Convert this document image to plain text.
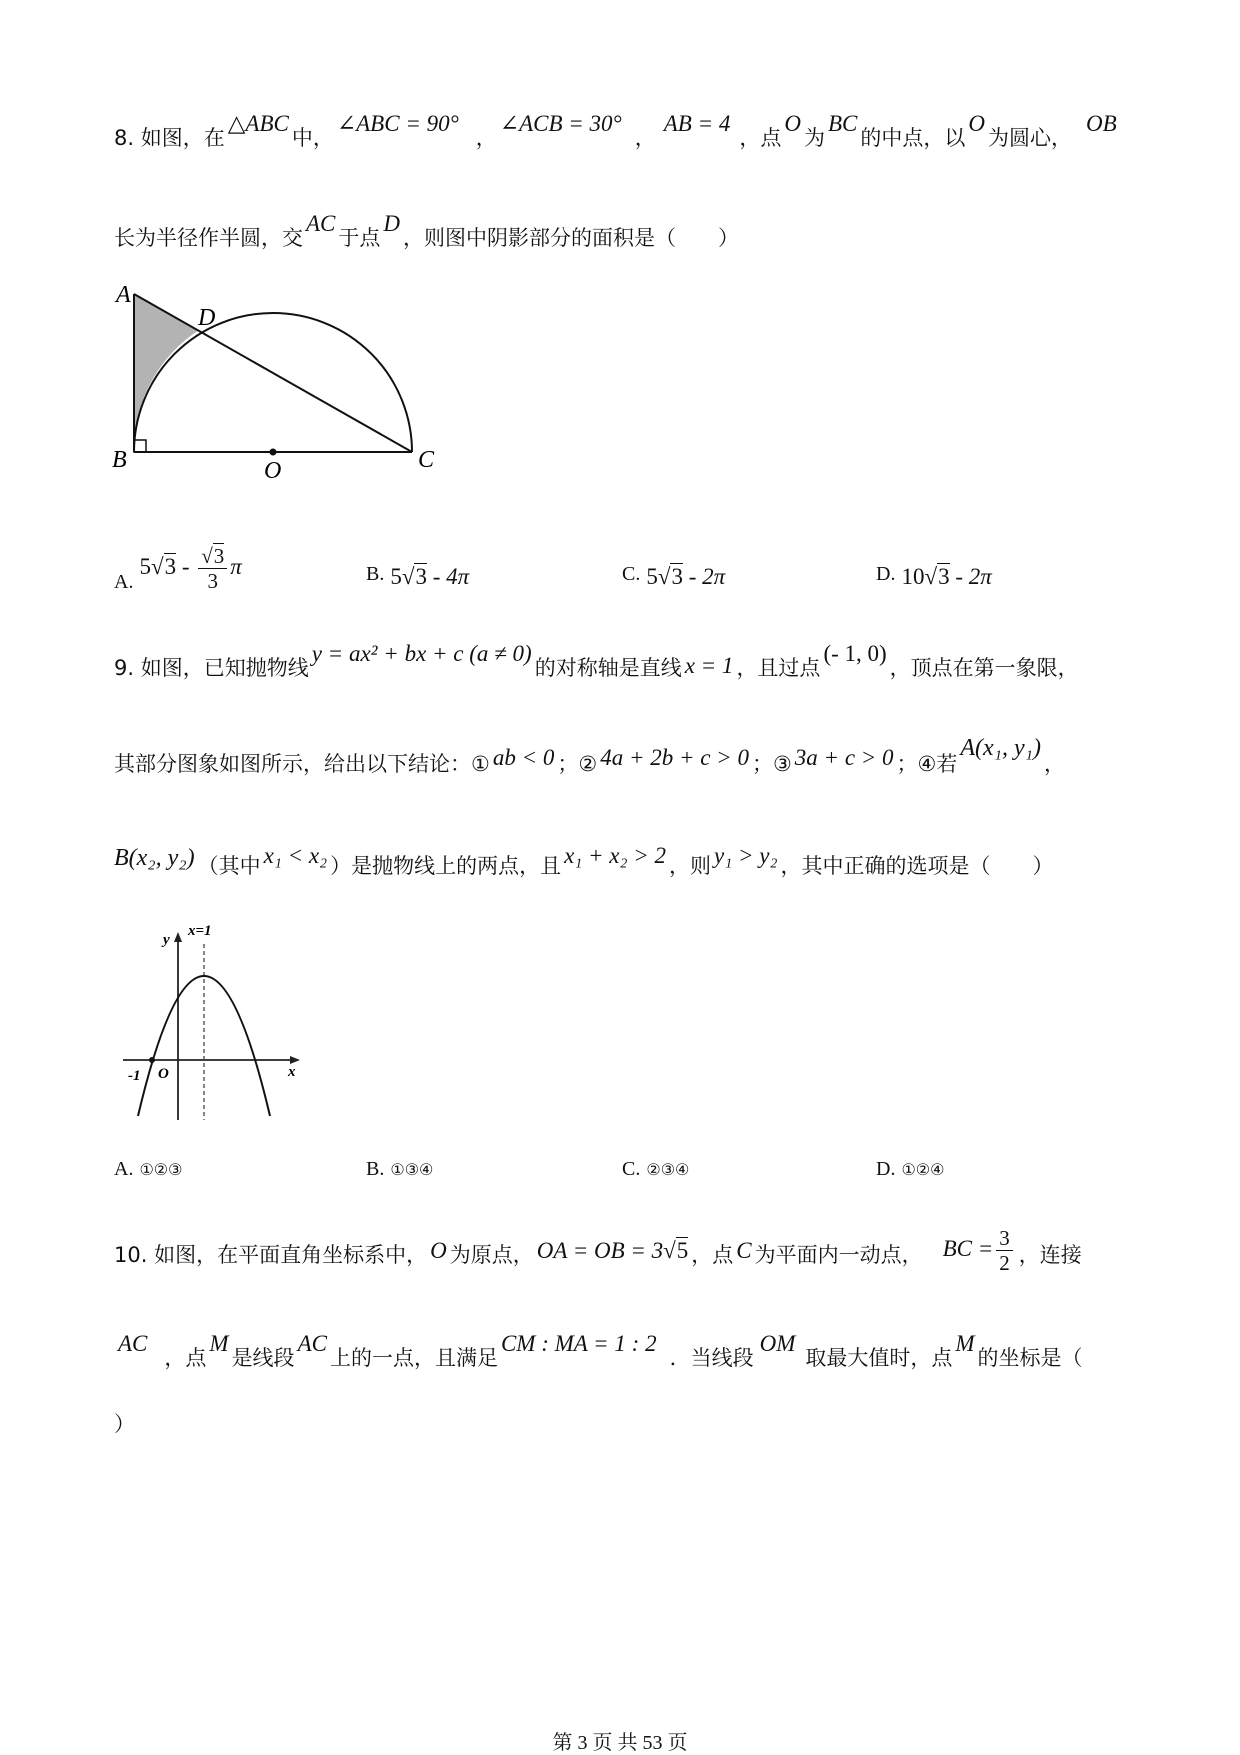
8. 如图，在△ABC中，∠ABC = 90°，∠ACB = 30°，AB = 4，点O为BC的中点，以O为圆心，OB
长为半径作半圆，交AC于点D，则图中阴影部分的面积是（　　）
A
D
B	O	C
$A.5√3 - \frac{√3}{3}$ π	B. 5√3 - 4π	C. 5√3 - 2π	D. 10√3 - 2π
9. 如图，已知抛物线y = ax² + bx + c (a ≠ 0)的对称轴是直线 x = 1 ，且过点(- 1, 0)，顶点在第一象限，
其部分图象如图所示，给出以下结论：① ab < 0 ；② 4a + 2b + c > 0 ；③ 3a + c > 0 ；④若A(x₁, y₁)，
B(x₂, y₂) （其中 x₁ < x₂ ）是抛物线上的两点，且 x₁ + x₂ > 2 ，则 y₁ > y₂ ，其中正确的选项是（　　）
y
x=1
x
-1 O
A. ①②③	B. ①③④	C. ②③④	D. ①②④
10. 如图，在平面直角坐标系中， O 为原点， OA = OB = 3√5 ，点 C 为平面内一动点， BC = $\frac{3}{2}$ ，连接
AC，点M是线段AC上的一点，且满足CM : MA = 1 : 2．当线段OM取最大值时，点M的坐标是（
）
第 3 页 共 53 页
